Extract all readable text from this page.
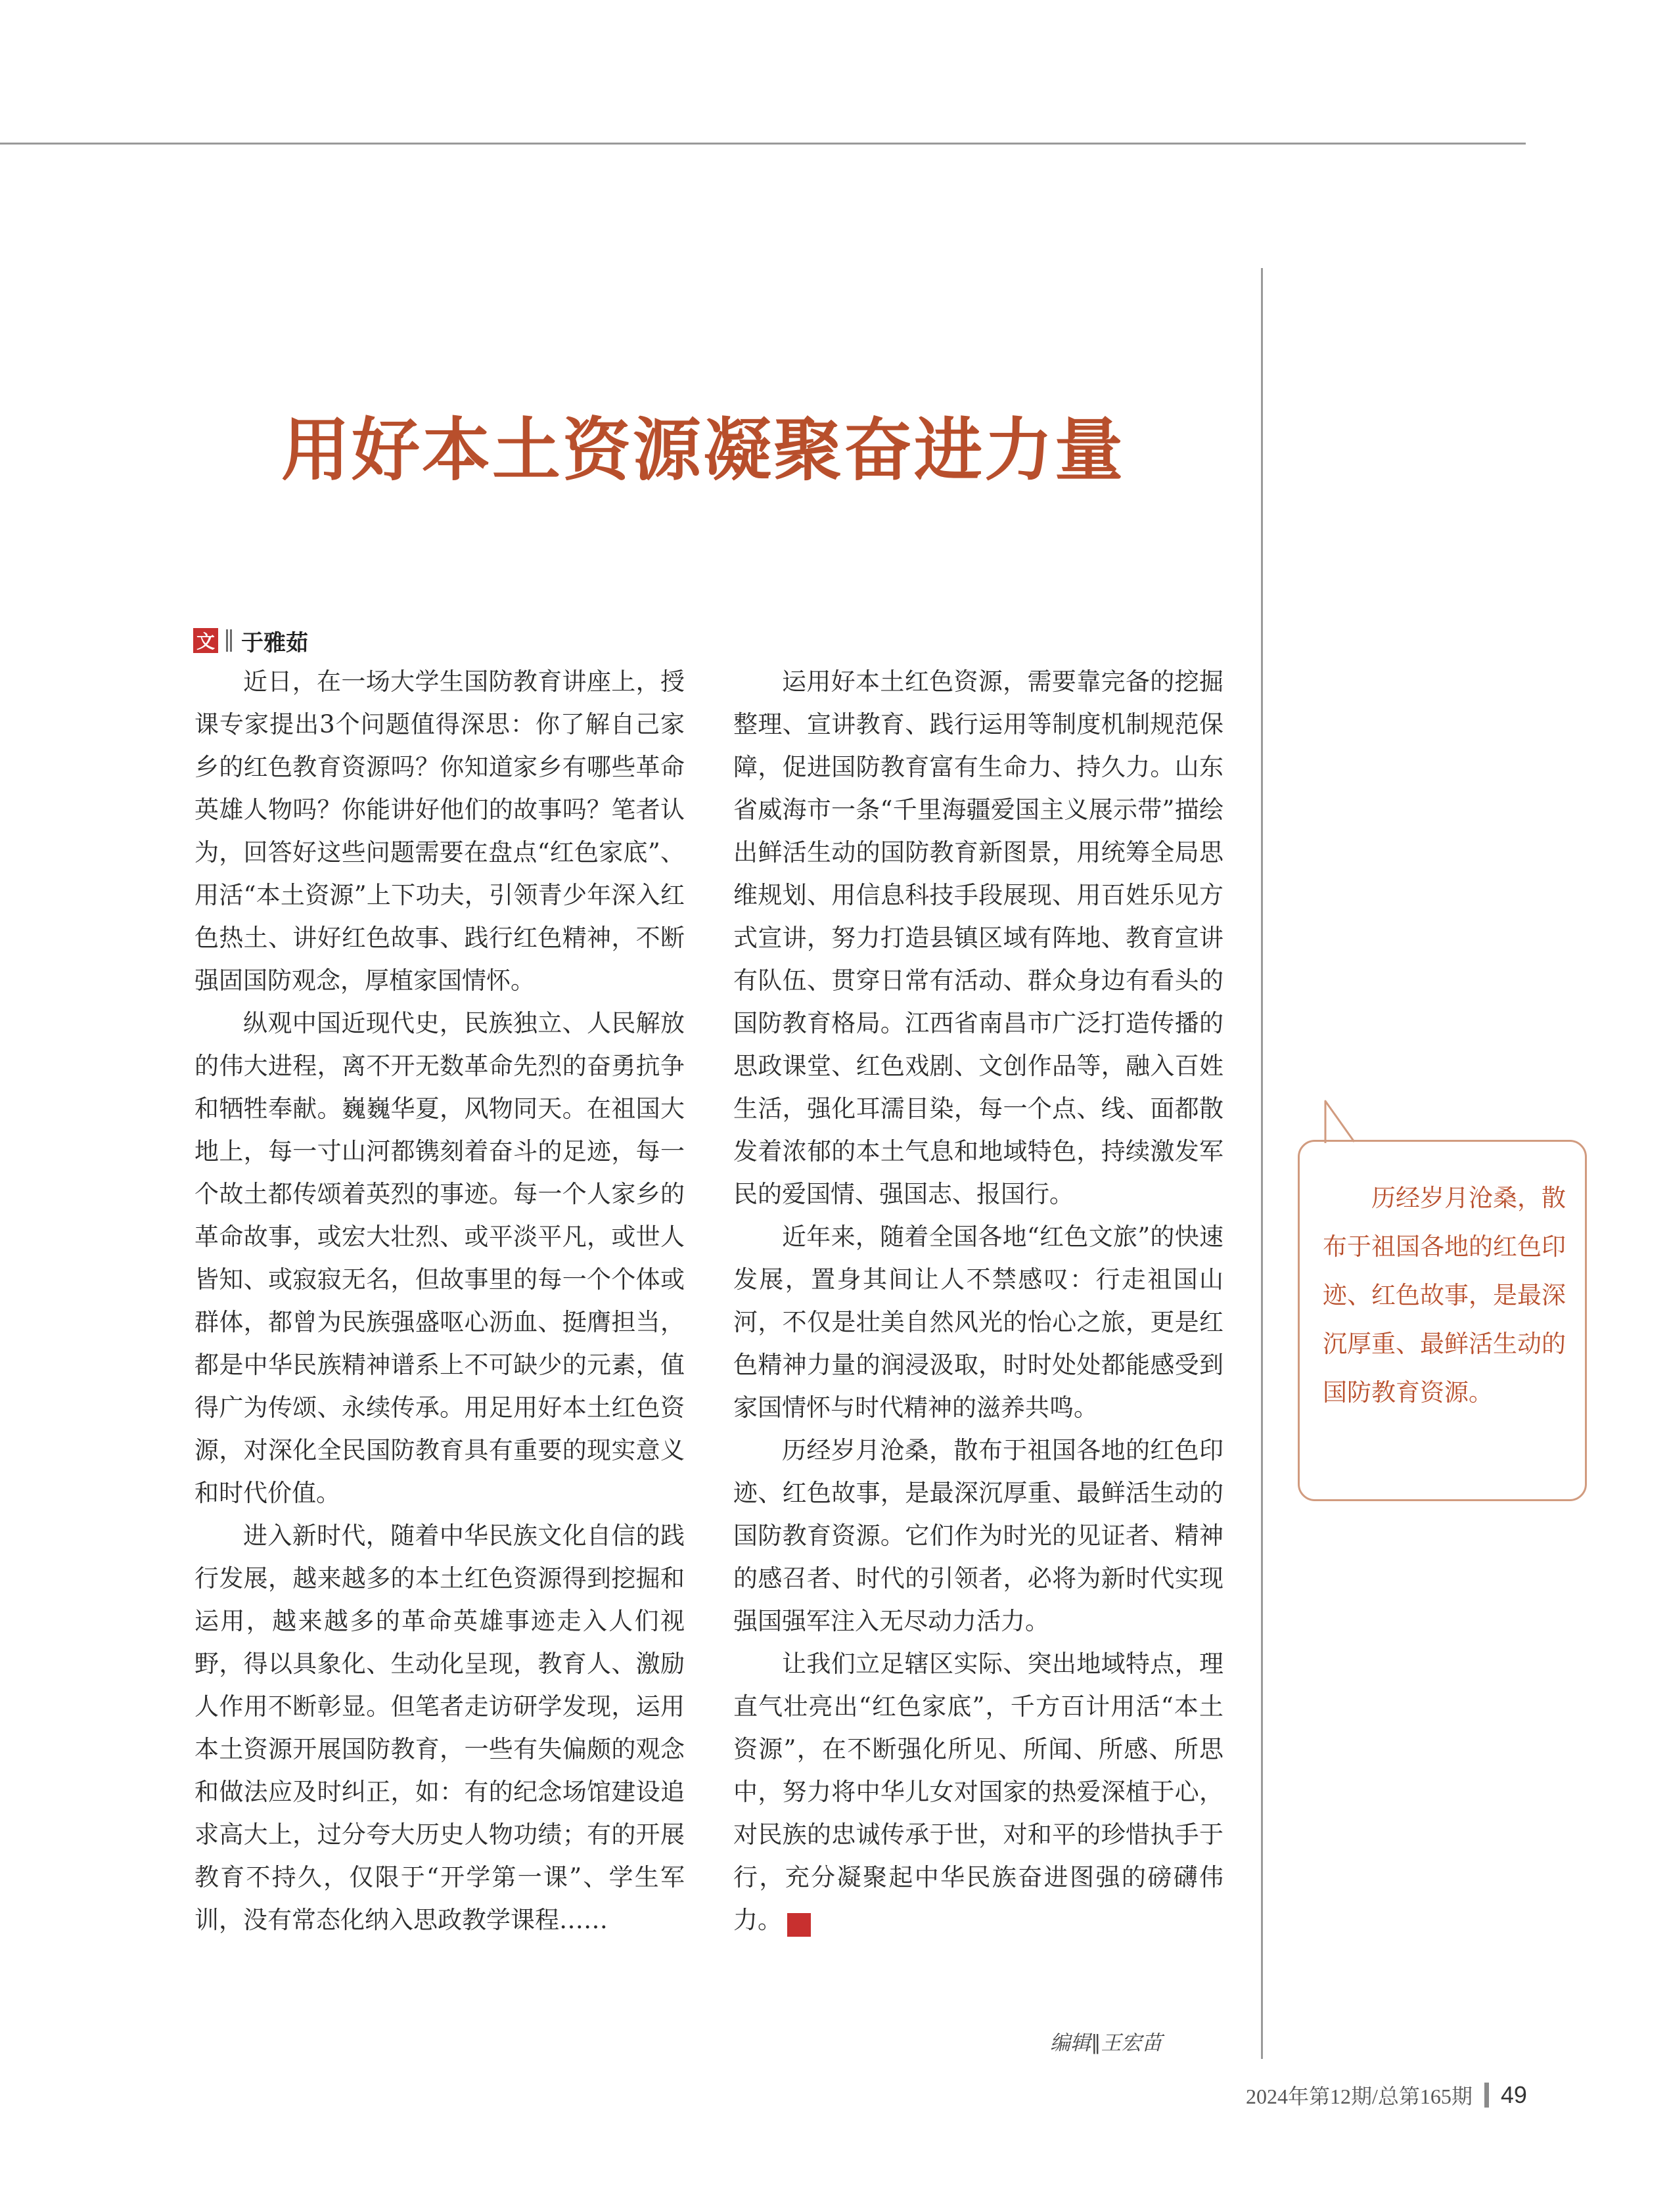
用好本土资源凝聚奋进力量
文 于雅茹

近日，在一场大学生国防教育讲座上，授课专家提出3个问题值得深思：你了解自己家乡的红色教育资源吗？你知道家乡有哪些革命英雄人物吗？你能讲好他们的故事吗？笔者认为，回答好这些问题需要在盘点“红色家底”、用活“本土资源”上下功夫，引领青少年深入红色热土、讲好红色故事、践行红色精神，不断强固国防观念，厚植家国情怀。

纵观中国近现代史，民族独立、人民解放的伟大进程，离不开无数革命先烈的奋勇抗争和牺牲奉献。巍巍华夏，风物同天。在祖国大地上，每一寸山河都镌刻着奋斗的足迹，每一个故土都传颂着英烈的事迹。每一个人家乡的革命故事，或宏大壮烈、或平淡平凡，或世人皆知、或寂寂无名，但故事里的每一个个体或群体，都曾为民族强盛呕心沥血、挺膺担当，都是中华民族精神谱系上不可缺少的元素，值得广为传颂、永续传承。用足用好本土红色资源，对深化全民国防教育具有重要的现实意义和时代价值。

进入新时代，随着中华民族文化自信的践行发展，越来越多的本土红色资源得到挖掘和运用，越来越多的革命英雄事迹走入人们视野，得以具象化、生动化呈现，教育人、激励人作用不断彰显。但笔者走访研学发现，运用本土资源开展国防教育，一些有失偏颇的观念和做法应及时纠正，如：有的纪念场馆建设追求高大上，过分夸大历史人物功绩；有的开展教育不持久，仅限于“开学第一课”、学生军训，没有常态化纳入思政教学课程……

运用好本土红色资源，需要靠完备的挖掘整理、宣讲教育、践行运用等制度机制规范保障，促进国防教育富有生命力、持久力。山东省威海市一条“千里海疆爱国主义展示带”描绘出鲜活生动的国防教育新图景，用统筹全局思维规划、用信息科技手段展现、用百姓乐见方式宣讲，努力打造县镇区域有阵地、教育宣讲有队伍、贯穿日常有活动、群众身边有看头的国防教育格局。江西省南昌市广泛打造传播的思政课堂、红色戏剧、文创作品等，融入百姓生活，强化耳濡目染，每一个点、线、面都散发着浓郁的本土气息和地域特色，持续激发军民的爱国情、强国志、报国行。

近年来，随着全国各地“红色文旅”的快速发展，置身其间让人不禁感叹：行走祖国山河，不仅是壮美自然风光的怡心之旅，更是红色精神力量的润浸汲取，时时处处都能感受到家国情怀与时代精神的滋养共鸣。

历经岁月沧桑，散布于祖国各地的红色印迹、红色故事，是最深沉厚重、最鲜活生动的国防教育资源。它们作为时光的见证者、精神的感召者、时代的引领者，必将为新时代实现强国强军注入无尽动力活力。

让我们立足辖区实际、突出地域特点，理直气壮亮出“红色家底”，千方百计用活“本土资源”，在不断强化所见、所闻、所感、所思中，努力将中华儿女对国家的热爱深植于心，对民族的忠诚传承于世，对和平的珍惜执手于行，充分凝聚起中华民族奋进图强的磅礴伟力。	G

历经岁月沧桑，散布于祖国各地的红色印迹、红色故事，是最深沉厚重、最鲜活生动的国防教育资源。

编辑∥王宏苗
2024年第12期/总第165期 49
